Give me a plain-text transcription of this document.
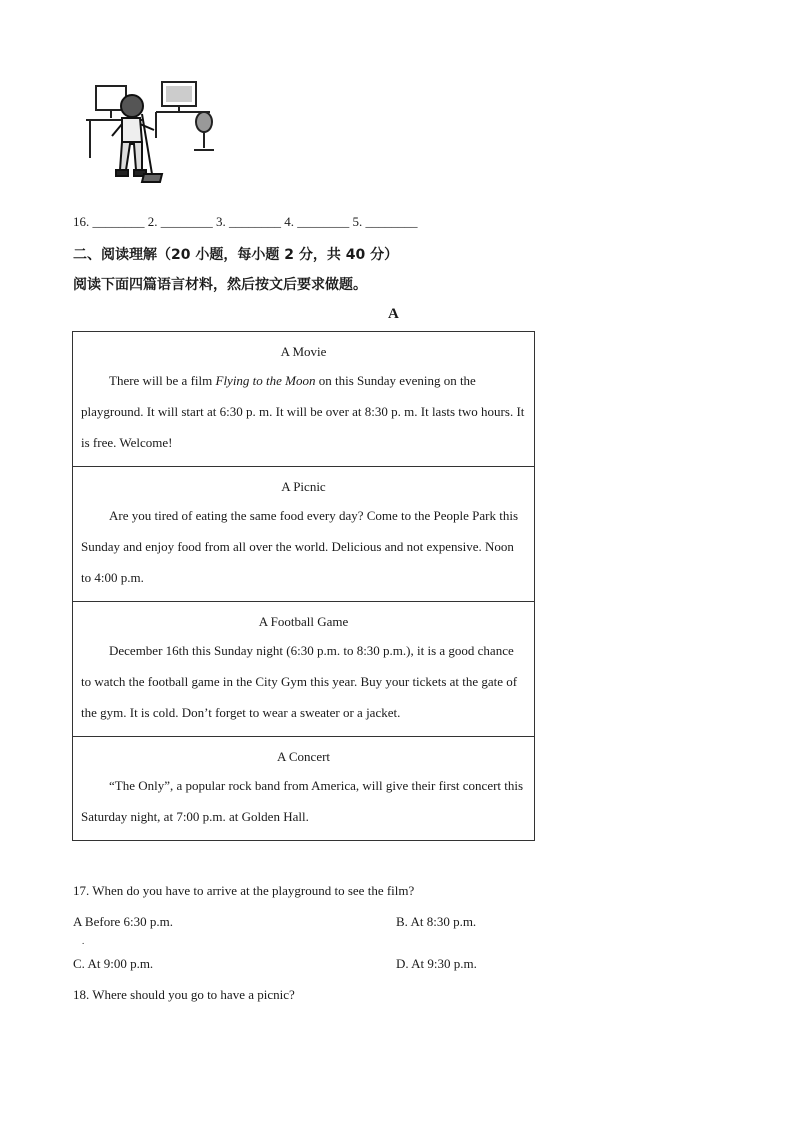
16. ________ 2. ________ 3. ________ 4. ________ 5. ________
二、阅读理解（20 小题，每小题 2 分，共 40 分）
阅读下面四篇语言材料，然后按文后要求做题。
A
A Movie
There will be a film Flying to the Moon on this Sunday evening on the playground. It will start at 6:30 p. m. It will be over at 8:30 p. m. It lasts two hours. It is free. Welcome!

A Picnic
Are you tired of eating the same food every day? Come to the People Park this Sunday and enjoy food from all over the world. Delicious and not expensive. Noon to 4:00 p.m.

A Football Game
December 16th this Sunday night (6:30 p.m. to 8:30 p.m.), it is a good chance to watch the football game in the City Gym this year. Buy your tickets at the gate of the gym. It is cold. Don’t forget to wear a sweater or a jacket.

A Concert
“The Only”, a popular rock band from America, will give their first concert this Saturday night, at 7:00 p.m. at Golden Hall.
17. When do you have to arrive at the playground to see the film?
A Before 6:30 p.m.	B. At 8:30 p.m.
.
C. At 9:00 p.m.	D. At 9:30 p.m.
18. Where should you go to have a picnic?
